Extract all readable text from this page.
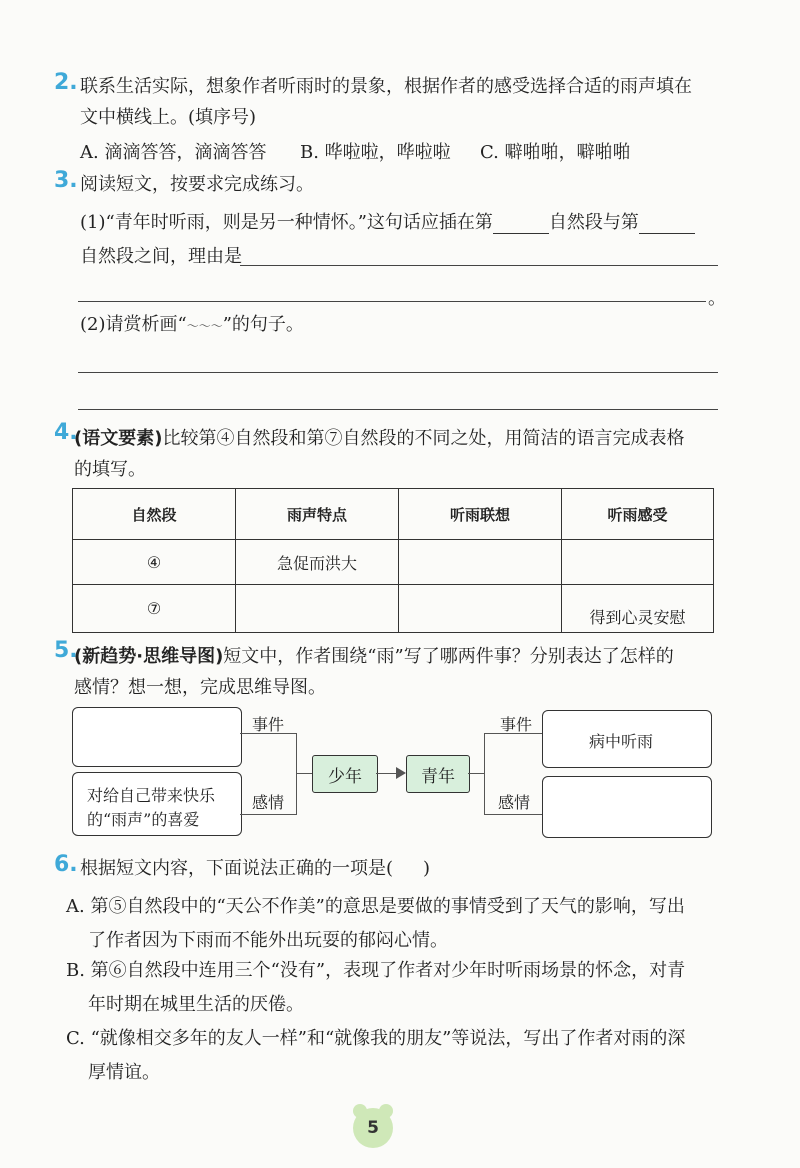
2. 联系生活实际，想象作者听雨时的景象，根据作者的感受选择合适的雨声填在
文中横线上。(填序号)
A. 滴滴答答，滴滴答答 B. 哗啦啦，哗啦啦 C. 噼啪啪，噼啪啪
3. 阅读短文，按要求完成练习。
(1)“青年时听雨，则是另一种情怀。”这句话应插在第	自然段与第
自然段之间，理由是
。
(2)请赏析画“～～～”的句子。
4.
(语文要素)比较第④自然段和第⑦自然段的不同之处，用简洁的语言完成表格
的填写。
自然段	雨声特点	听雨联想	听雨感受
④	急促而洪大		
⑦			得到心灵安慰
5.
(新趋势·思维导图)短文中，作者围绕“雨”写了哪两件事？分别表达了怎样的
感情？想一想，完成思维导图。
对给自己带来快乐
的“雨声”的喜爱
事件
感情
少年	青年
事件
感情
病中听雨
6. 根据短文内容，下面说法正确的一项是( )
A. 第⑤自然段中的“天公不作美”的意思是要做的事情受到了天气的影响，写出
了作者因为下雨而不能外出玩耍的郁闷心情。
B. 第⑥自然段中连用三个“没有”，表现了作者对少年时听雨场景的怀念，对青
年时期在城里生活的厌倦。
C. “就像相交多年的友人一样”和“就像我的朋友”等说法，写出了作者对雨的深
厚情谊。
5
